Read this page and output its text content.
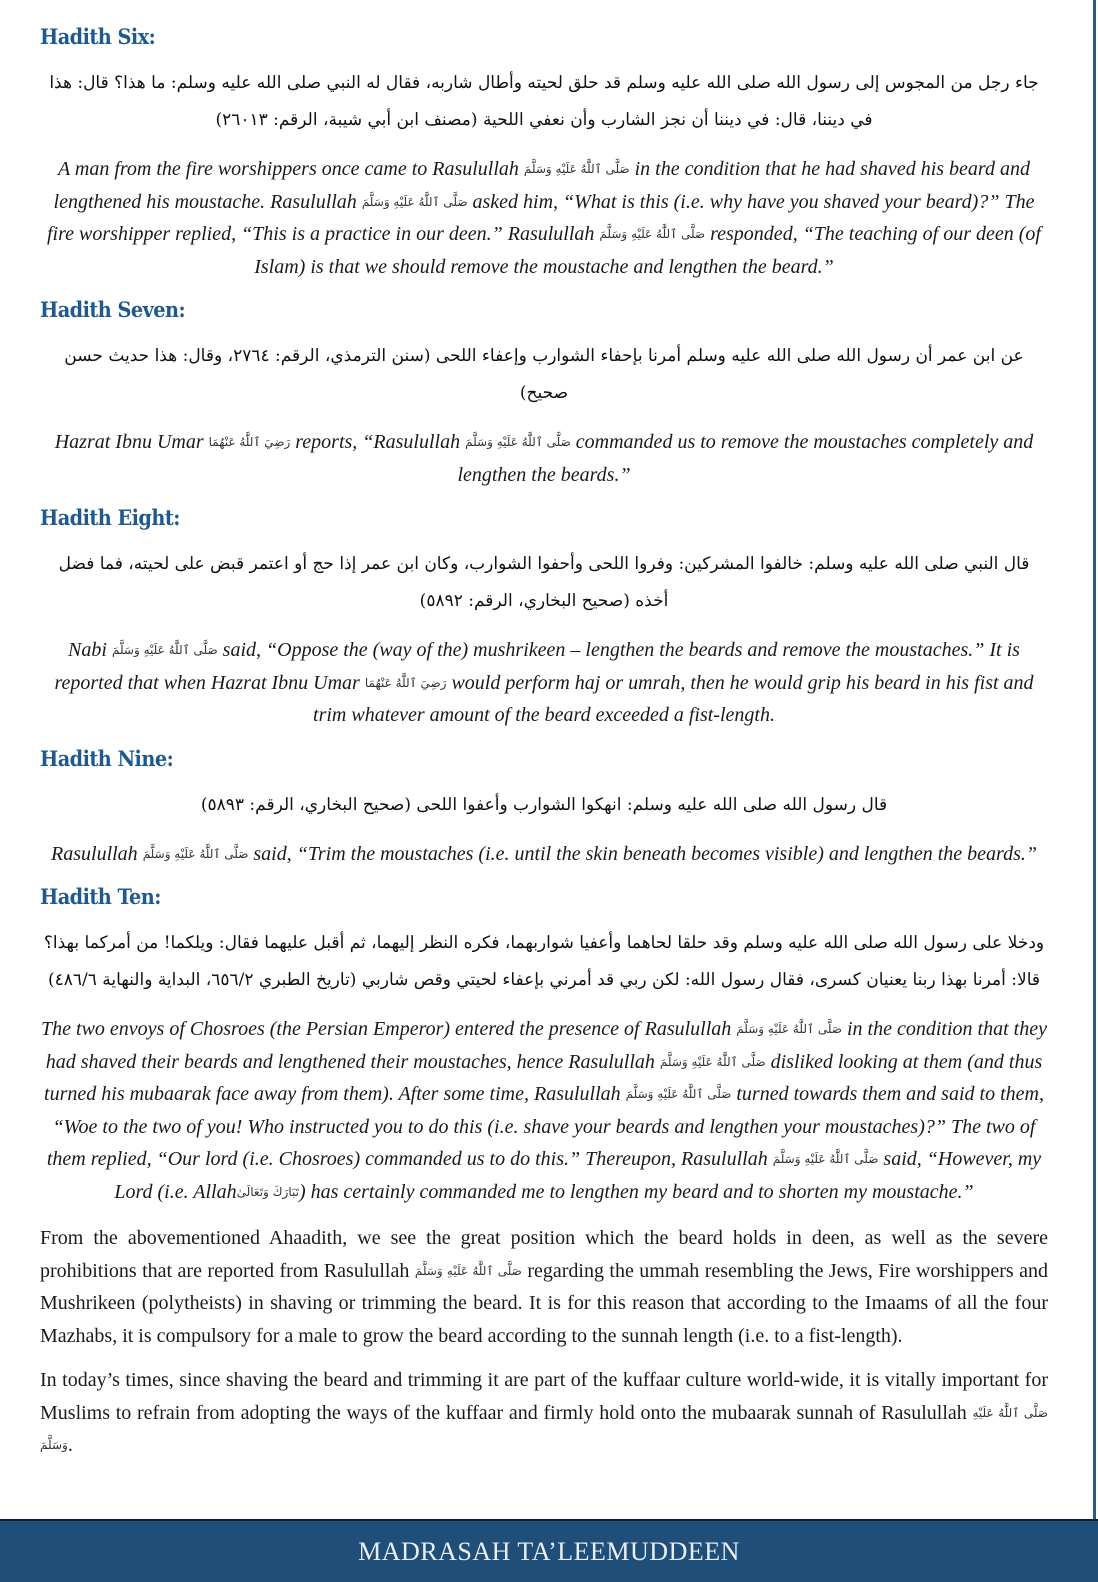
Hadith Six:

جاء رجل من المجوس إلى رسول الله صلى الله عليه وسلم قد حلق لحيته وأطال شاربه، فقال له النبي صلى الله عليه وسلم: ما هذا؟ قال: هذا في ديننا، قال: في ديننا أن نجز الشارب وأن نعفي اللحية (مصنف ابن أبي شيبة، الرقم: ٢٦٠١٣)

A man from the fire worshippers once came to Rasulullah صَلَّى ٱللَّٰهُ عَلَيْهِ وَسَلَّمَ in the condition that he had shaved his beard and lengthened his moustache. Rasulullah صَلَّى ٱللَّٰهُ عَلَيْهِ وَسَلَّمَ asked him, “What is this (i.e. why have you shaved your beard)?” The fire worshipper replied, “This is a practice in our deen.” Rasulullah صَلَّى ٱللَّٰهُ عَلَيْهِ وَسَلَّمَ responded, “The teaching of our deen (of Islam) is that we should remove the moustache and lengthen the beard.”

Hadith Seven:

عن ابن عمر أن رسول الله صلى الله عليه وسلم أمرنا بإحفاء الشوارب وإعفاء اللحى (سنن الترمذي، الرقم: ٢٧٦٤، وقال: هذا حديث حسن صحيح)

Hazrat Ibnu Umar رَضِيَ ٱللَّٰهُ عَنْهُمَا reports, “Rasulullah صَلَّى ٱللَّٰهُ عَلَيْهِ وَسَلَّمَ commanded us to remove the moustaches completely and lengthen the beards.”

Hadith Eight:

قال النبي صلى الله عليه وسلم: خالفوا المشركين: وفروا اللحى وأحفوا الشوارب، وكان ابن عمر إذا حج أو اعتمر قبض على لحيته، فما فضل أخذه (صحيح البخاري، الرقم: ٥٨٩٢)

Nabi صَلَّى ٱللَّٰهُ عَلَيْهِ وَسَلَّمَ said, “Oppose the (way of the) mushrikeen – lengthen the beards and remove the moustaches.” It is reported that when Hazrat Ibnu Umar رَضِيَ ٱللَّٰهُ عَنْهُمَا would perform haj or umrah, then he would grip his beard in his fist and trim whatever amount of the beard exceeded a fist-length.

Hadith Nine:

قال رسول الله صلى الله عليه وسلم: انهكوا الشوارب وأعفوا اللحى (صحيح البخاري، الرقم: ٥٨٩٣)

Rasulullah صَلَّى ٱللَّٰهُ عَلَيْهِ وَسَلَّمَ said, “Trim the moustaches (i.e. until the skin beneath becomes visible) and lengthen the beards.”

Hadith Ten:

ودخلا على رسول الله صلى الله عليه وسلم وقد حلقا لحاهما وأعفيا شواربهما، فكره النظر إليهما، ثم أقبل عليهما فقال: ويلكما! من أمركما بهذا؟ قالا: أمرنا بهذا ربنا يعنيان كسرى، فقال رسول الله: لكن ربي قد أمرني بإعفاء لحيتي وقص شاربي (تاريخ الطبري ٦٥٦/٢، البداية والنهاية ٤٨٦/٦)

The two envoys of Chosroes (the Persian Emperor) entered the presence of Rasulullah صَلَّى ٱللَّٰهُ عَلَيْهِ وَسَلَّمَ in the condition that they had shaved their beards and lengthened their moustaches, hence Rasulullah صَلَّى ٱللَّٰهُ عَلَيْهِ وَسَلَّمَ disliked looking at them (and thus turned his mubaarak face away from them). After some time, Rasulullah صَلَّى ٱللَّٰهُ عَلَيْهِ وَسَلَّمَ turned towards them and said to them, “Woe to the two of you! Who instructed you to do this (i.e. shave your beards and lengthen your moustaches)?” The two of them replied, “Our lord (i.e. Chosroes) commanded us to do this.” Thereupon, Rasulullah صَلَّى ٱللَّٰهُ عَلَيْهِ وَسَلَّمَ said, “However, my Lord (i.e. Allahتَبَارَكَ وَتَعَالَىٰ) has certainly commanded me to lengthen my beard and to shorten my moustache.”

From the abovementioned Ahaadith, we see the great position which the beard holds in deen, as well as the severe prohibitions that are reported from Rasulullah صَلَّى ٱللَّٰهُ عَلَيْهِ وَسَلَّمَ regarding the ummah resembling the Jews, Fire worshippers and Mushrikeen (polytheists) in shaving or trimming the beard. It is for this reason that according to the Imaams of all the four Mazhabs, it is compulsory for a male to grow the beard according to the sunnah length (i.e. to a fist-length).

In today’s times, since shaving the beard and trimming it are part of the kuffaar culture world-wide, it is vitally important for Muslims to refrain from adopting the ways of the kuffaar and firmly hold onto the mubaarak sunnah of Rasulullah صَلَّى ٱللَّٰهُ عَلَيْهِ وَسَلَّمَ.

MADRASAH TA’LEEMUDDEEN
